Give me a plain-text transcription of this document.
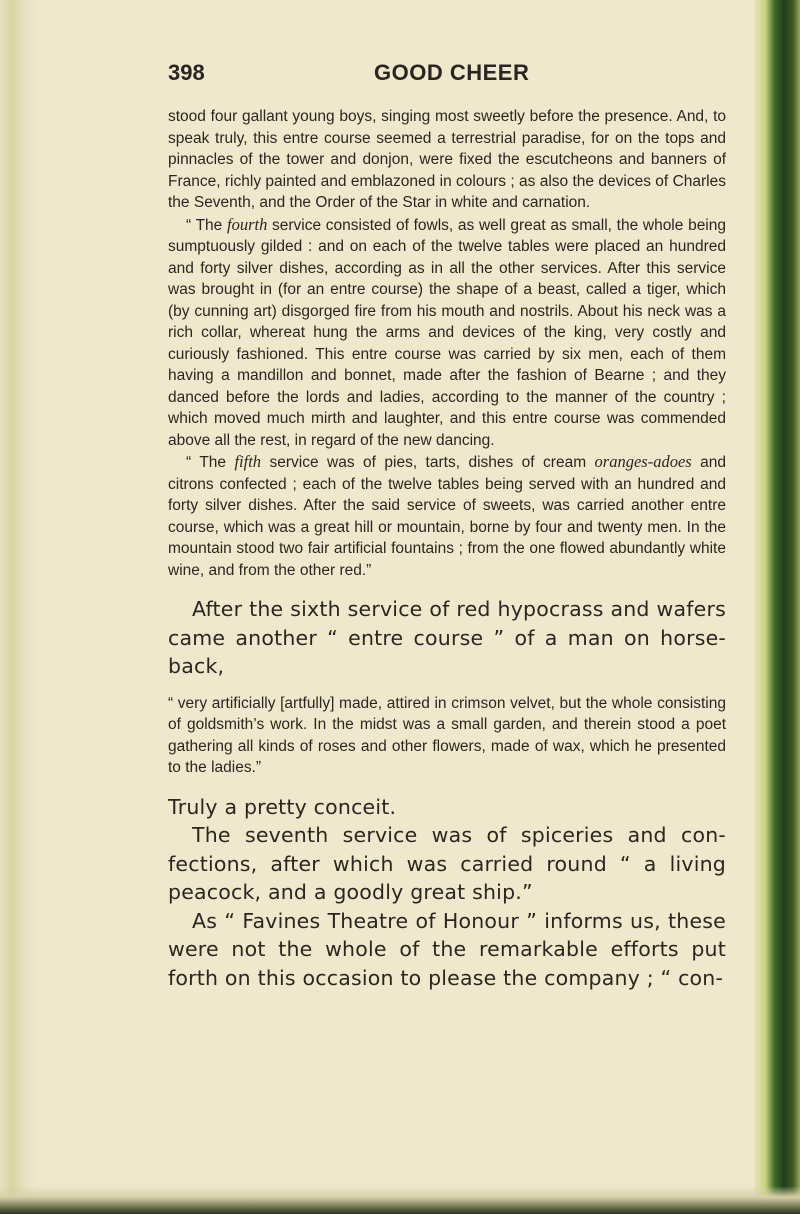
398	GOOD CHEER

stood four gallant young boys, singing most sweetly before the presence. And, to speak truly, this entre course seemed a terrestrial paradise, for on the tops and pinnacles of the tower and donjon, were fixed the escutcheons and banners of France, richly painted and emblazoned in colours ; as also the devices of Charles the Seventh, and the Order of the Star in white and carnation.

“ The fourth service consisted of fowls, as well great as small, the whole being sumptuously gilded : and on each of the twelve tables were placed an hundred and forty silver dishes, according as in all the other services. After this service was brought in (for an entre course) the shape of a beast, called a tiger, which (by cunning art) disgorged fire from his mouth and nostrils. About his neck was a rich collar, whereat hung the arms and devices of the king, very costly and curiously fashioned. This entre course was carried by six men, each of them having a mandillon and bonnet, made after the fashion of Bearne ; and they danced before the lords and ladies, according to the manner of the country ; which moved much mirth and laughter, and this entre course was commended above all the rest, in regard of the new dancing.

“ The fifth service was of pies, tarts, dishes of cream oranges-adoes and citrons confected ; each of the twelve tables being served with an hundred and forty silver dishes. After the said service of sweets, was carried another entre course, which was a great hill or mountain, borne by four and twenty men. In the mountain stood two fair artificial fountains ; from the one flowed abundantly white wine, and from the other red.”

After the sixth service of red hypocrass and wafers came another “ entre course ” of a man on horse-back,

“ very artificially [artfully] made, attired in crimson velvet, but the whole consisting of goldsmith’s work. In the midst was a small garden, and therein stood a poet gathering all kinds of roses and other flowers, made of wax, which he presented to the ladies.”

Truly a pretty conceit.

The seventh service was of spiceries and con-fections, after which was carried round “ a living peacock, and a goodly great ship.”

As “ Favines Theatre of Honour ” informs us, these were not the whole of the remarkable efforts put forth on this occasion to please the company ; “ con-
